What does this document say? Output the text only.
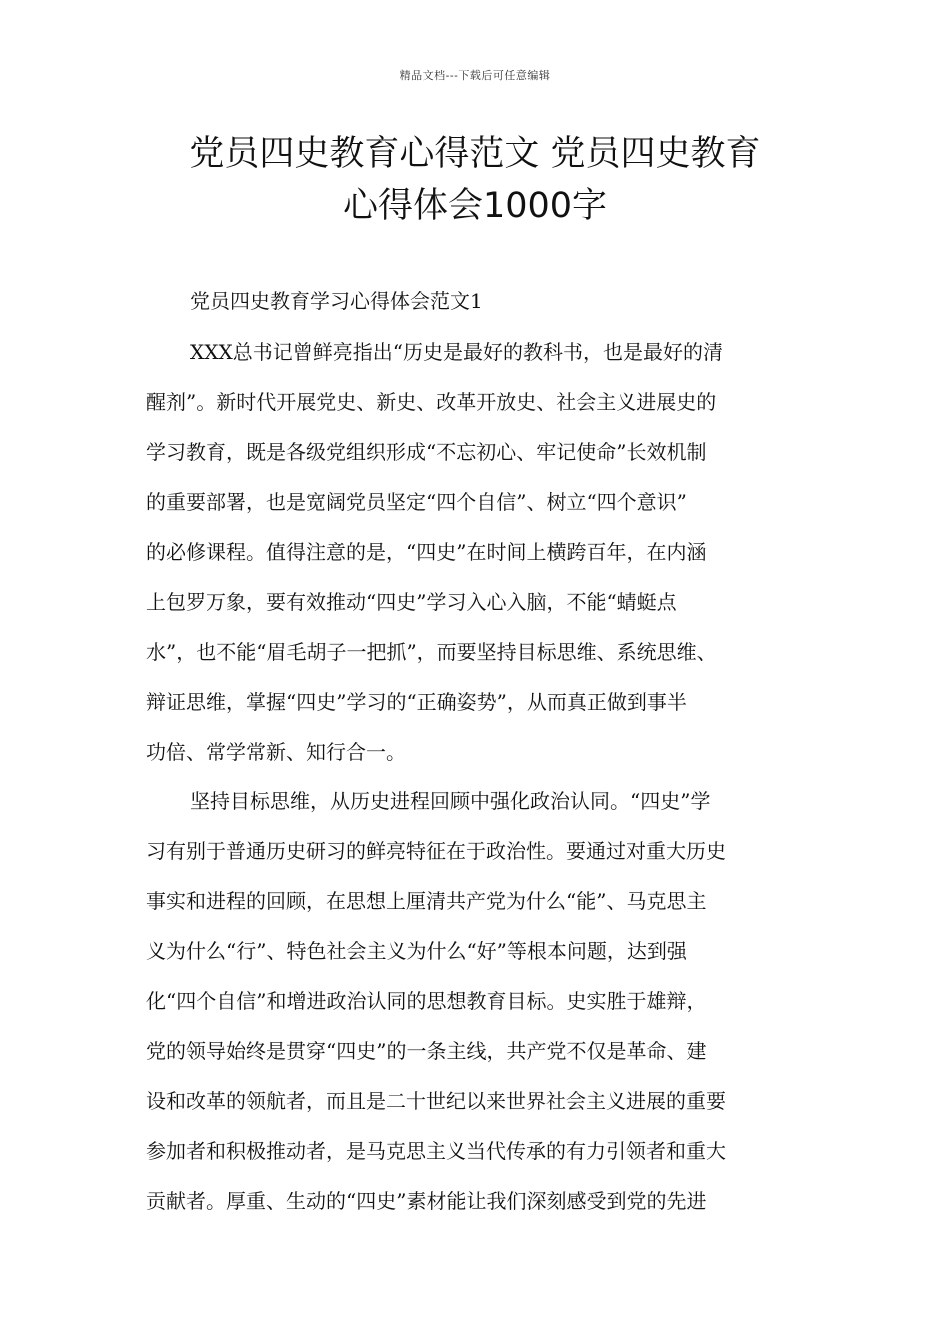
精品文档---下载后可任意编辑
党员四史教育心得范文 党员四史教育
心得体会1000字
党员四史教育学习心得体会范文1

XXX总书记曾鲜亮指出“历史是最好的教科书，也是最好的清
醒剂”。新时代开展党史、新史、改革开放史、社会主义进展史的
学习教育，既是各级党组织形成“不忘初心、牢记使命”长效机制
的重要部署，也是宽阔党员坚定“四个自信”、树立“四个意识”
的必修课程。值得注意的是，“四史”在时间上横跨百年，在内涵
上包罗万象，要有效推动“四史”学习入心入脑，不能“蜻蜓点
水”，也不能“眉毛胡子一把抓”，而要坚持目标思维、系统思维、
辩证思维，掌握“四史”学习的“正确姿势”，从而真正做到事半
功倍、常学常新、知行合一。

坚持目标思维，从历史进程回顾中强化政治认同。“四史”学
习有别于普通历史研习的鲜亮特征在于政治性。要通过对重大历史
事实和进程的回顾，在思想上厘清共产党为什么“能”、马克思主
义为什么“行”、特色社会主义为什么“好”等根本问题，达到强
化“四个自信”和增进政治认同的思想教育目标。史实胜于雄辩，
党的领导始终是贯穿“四史”的一条主线，共产党不仅是革命、建
设和改革的领航者，而且是二十世纪以来世界社会主义进展的重要
参加者和积极推动者，是马克思主义当代传承的有力引领者和重大
贡献者。厚重、生动的“四史”素材能让我们深刻感受到党的先进
